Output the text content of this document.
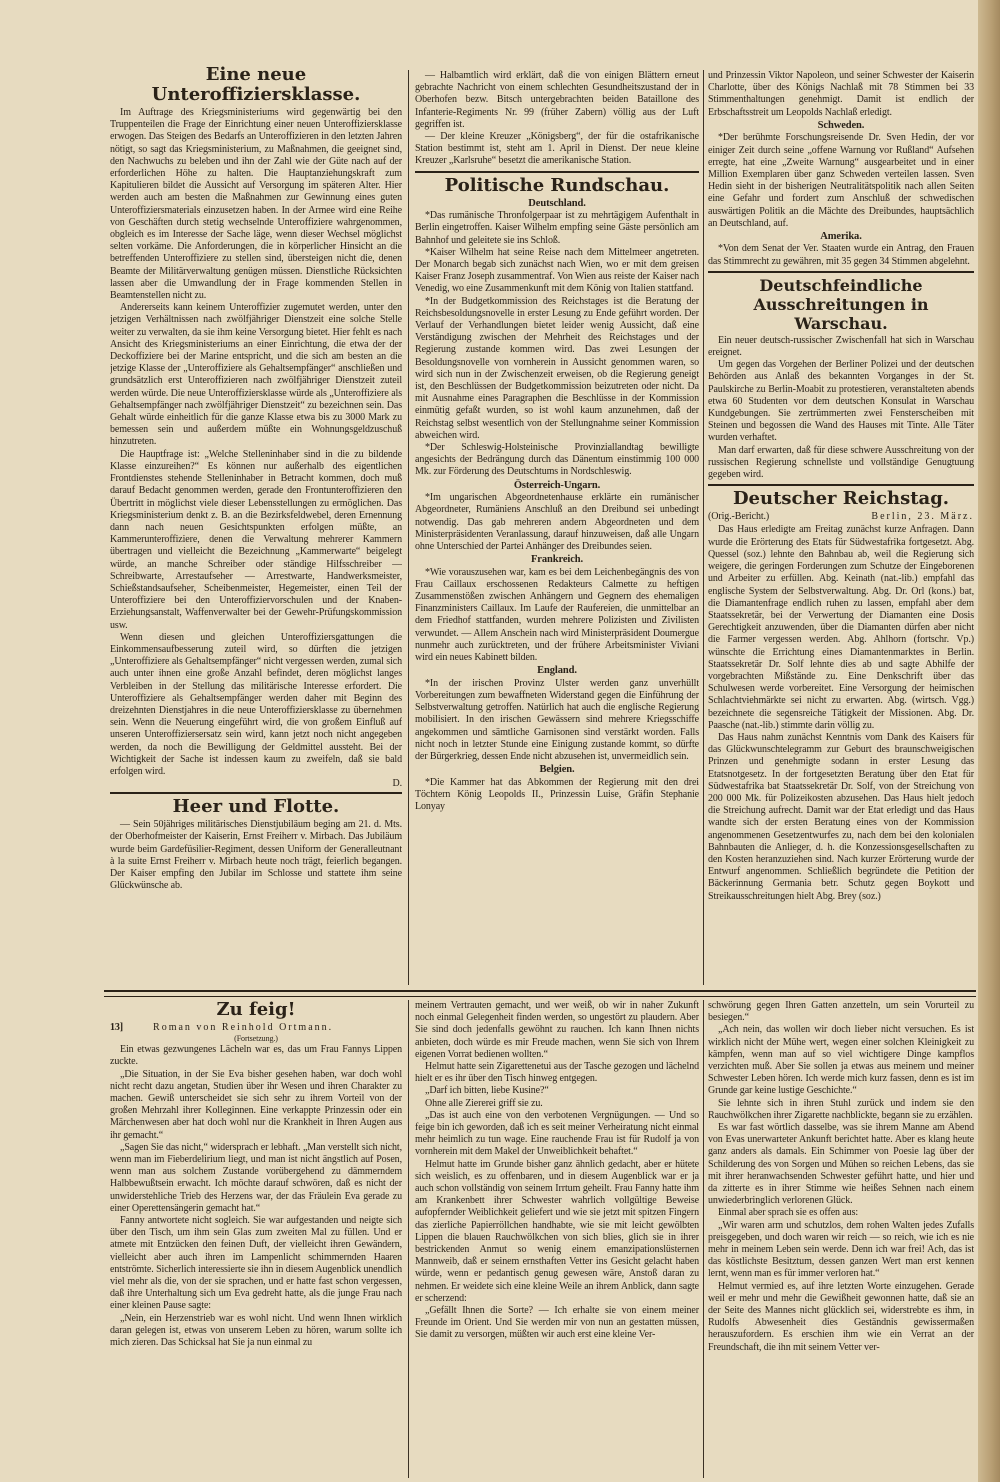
Eine neue Unteroffiziersklasse.

Im Auftrage des Kriegsministeriums wird gegenwärtig bei den Truppenteilen die Frage der Einrichtung einer neuen Unteroffiziersklasse erwogen. Das Steigen des Bedarfs an Unteroffizieren in den letzten Jahren nötigt, so sagt das Kriegsministerium, zu Maßnahmen, die geeignet sind, den Nachwuchs zu beleben und ihn der Zahl wie der Güte nach auf der erforderlichen Höhe zu halten. Die Hauptanziehungskraft zum Kapitulieren bildet die Aussicht auf Versorgung im späteren Alter. Hier werden auch am besten die Maßnahmen zur Gewinnung eines guten Unteroffiziersmaterials einzusetzen haben. In der Armee wird eine Reihe von Geschäften durch stetig wechselnde Unteroffiziere wahrgenommen, obgleich es im Interesse der Sache läge, wenn dieser Wechsel möglichst selten vorkäme. Die Anforderungen, die in körperlicher Hinsicht an die betreffenden Unteroffiziere zu stellen sind, übersteigen nicht die, denen Beamte der Militärverwaltung genügen müssen. Dienstliche Rücksichten lassen aber die Umwandlung der in Frage kommenden Stellen in Beamtenstellen nicht zu.

Andererseits kann keinem Unteroffizier zugemutet werden, unter den jetzigen Verhältnissen nach zwölfjähriger Dienstzeit eine solche Stelle weiter zu verwalten, da sie ihm keine Versorgung bietet. Hier fehlt es nach Ansicht des Kriegsministeriums an einer Einrichtung, die etwa der der Deckoffiziere bei der Marine entspricht, und die sich am besten an die jetzige Klasse der „Unteroffiziere als Gehaltsempfänger“ anschließen und grundsätzlich erst Unteroffizieren nach zwölfjähriger Dienstzeit zuteil werden würde. Die neue Unteroffiziersklasse würde als „Unteroffiziere als Gehaltsempfänger nach zwölfjähriger Dienstzeit“ zu bezeichnen sein. Das Gehalt würde einheitlich für die ganze Klasse etwa bis zu 3000 Mark zu bemessen sein und außerdem müßte ein Wohnungsgeldzuschuß hinzutreten.

Die Hauptfrage ist: „Welche Stelleninhaber sind in die zu bildende Klasse einzureihen?“ Es können nur außerhalb des eigentlichen Frontdienstes stehende Stelleninhaber in Betracht kommen, doch muß darauf Bedacht genommen werden, gerade den Frontunteroffizieren den Übertritt in möglichst viele dieser Lebensstellungen zu ermöglichen. Das Kriegsministerium denkt z. B. an die Bezirksfeldwebel, deren Ernennung dann nach neuen Gesichtspunkten erfolgen müßte, an Kammerunteroffiziere, denen die Verwaltung mehrerer Kammern übertragen und vielleicht die Bezeichnung „Kammerwarte“ beigelegt würde, an manche Schreiber oder ständige Hilfsschreiber — Schreibwarte, Arrestaufseher — Arrestwarte, Handwerksmeister, Schießstandsaufseher, Scheibenmeister, Hegemeister, einen Teil der Unteroffiziere bei den Unteroffiziervorschulen und der Knaben-Erziehungsanstalt, Waffenverwalter bei der Gewehr-Prüfungskommission usw.

Wenn diesen und gleichen Unteroffiziersgattungen die Einkommensaufbesserung zuteil wird, so dürften die jetzigen „Unteroffiziere als Gehaltsempfänger“ nicht vergessen werden, zumal sich auch unter ihnen eine große Anzahl befindet, deren möglichst langes Verbleiben in der Stellung das militärische Interesse erfordert. Die Unteroffiziere als Gehaltsempfänger werden daher mit Beginn des dreizehnten Dienstjahres in die neue Unteroffiziersklasse zu übernehmen sein. Wenn die Neuerung eingeführt wird, die von großem Einfluß auf unseren Unteroffiziersersatz sein wird, kann jetzt noch nicht angegeben werden, da noch die Bewilligung der Geldmittel aussteht. Bei der Wichtigkeit der Sache ist indessen kaum zu zweifeln, daß sie bald erfolgen wird.

D.
Heer und Flotte.

— Sein 50jähriges militärisches Dienstjubiläum beging am 21. d. Mts. der Oberhofmeister der Kaiserin, Ernst Freiherr v. Mirbach. Das Jubiläum wurde beim Gardefüsilier-Regiment, dessen Uniform der Generalleutnant à la suite Ernst Freiherr v. Mirbach heute noch trägt, feierlich begangen. Der Kaiser empfing den Jubilar im Schlosse und stattete ihm seine Glückwünsche ab.

— Halbamtlich wird erklärt, daß die von einigen Blättern erneut gebrachte Nachricht von einem schlechten Gesundheitszustand der in Oberhofen bezw. Bitsch untergebrachten beiden Bataillone des Infanterie-Regiments Nr. 99 (früher Zabern) völlig aus der Luft gegriffen ist.

— Der kleine Kreuzer „Königsberg“, der für die ostafrikanische Station bestimmt ist, steht am 1. April in Dienst. Der neue kleine Kreuzer „Karlsruhe“ besetzt die amerikanische Station.

Politische Rundschau.
Deutschland.

*Das rumänische Thronfolgerpaar ist zu mehrtägigem Aufenthalt in Berlin eingetroffen. Kaiser Wilhelm empfing seine Gäste persönlich am Bahnhof und geleitete sie ins Schloß.

*Kaiser Wilhelm hat seine Reise nach dem Mittelmeer angetreten. Der Monarch begab sich zunächst nach Wien, wo er mit dem greisen Kaiser Franz Joseph zusammentraf. Von Wien aus reiste der Kaiser nach Venedig, wo eine Zusammenkunft mit dem König von Italien stattfand.

*In der Budgetkommission des Reichstages ist die Beratung der Reichsbesoldungsnovelle in erster Lesung zu Ende geführt worden. Der Verlauf der Verhandlungen bietet leider wenig Aussicht, daß eine Verständigung zwischen der Mehrheit des Reichstages und der Regierung zustande kommen wird. Das zwei Lesungen der Besoldungsnovelle von vornherein in Aussicht genommen waren, so wird sich nun in der Zwischenzeit erweisen, ob die Regierung geneigt ist, den Beschlüssen der Budgetkommission beizutreten oder nicht. Da mit Ausnahme eines Paragraphen die Beschlüsse in der Kommission einmütig gefaßt wurden, so ist wohl kaum anzunehmen, daß der Reichstag selbst wesentlich von der Stellungnahme seiner Kommission abweichen wird.

*Der Schleswig-Holsteinische Provinziallandtag bewilligte angesichts der Bedrängung durch das Dänentum einstimmig 100 000 Mk. zur Förderung des Deutschtums in Nordschleswig.

Österreich-Ungarn.

*Im ungarischen Abgeordnetenhause erklärte ein rumänischer Abgeordneter, Rumäniens Anschluß an den Dreibund sei unbedingt notwendig. Das gab mehreren andern Abgeordneten und dem Ministerpräsidenten Veranlassung, darauf hinzuweisen, daß alle Ungarn ohne Unterschied der Partei Anhänger des Dreibundes seien.

Frankreich.

*Wie vorauszusehen war, kam es bei dem Leichenbegängnis des von Frau Caillaux erschossenen Redakteurs Calmette zu heftigen Zusammenstößen zwischen Anhängern und Gegnern des ehemaligen Finanzministers Caillaux. Im Laufe der Raufereien, die unmittelbar an dem Friedhof stattfanden, wurden mehrere Polizisten und Zivilisten verwundet. — Allem Anschein nach wird Ministerpräsident Doumergue nunmehr auch zurücktreten, und der frühere Arbeitsminister Viviani wird ein neues Kabinett bilden.

England.

*In der irischen Provinz Ulster werden ganz unverhüllt Vorbereitungen zum bewaffneten Widerstand gegen die Einführung der Selbstverwaltung getroffen. Natürlich hat auch die englische Regierung mobilisiert. In den irischen Gewässern sind mehrere Kriegsschiffe angekommen und sämtliche Garnisonen sind verstärkt worden. Falls nicht noch in letzter Stunde eine Einigung zustande kommt, so dürfte der Bürgerkrieg, dessen Ende nicht abzusehen ist, unvermeidlich sein.

Belgien.

*Die Kammer hat das Abkommen der Regierung mit den drei Töchtern König Leopolds II., Prinzessin Luise, Gräfin Stephanie Lonyay

und Prinzessin Viktor Napoleon, und seiner Schwester der Kaiserin Charlotte, über des Königs Nachlaß mit 78 Stimmen bei 33 Stimmenthaltungen genehmigt. Damit ist endlich der Erbschaftsstreit um Leopolds Nachlaß erledigt.

Schweden.

*Der berühmte Forschungsreisende Dr. Sven Hedin, der vor einiger Zeit durch seine „offene Warnung vor Rußland“ Aufsehen erregte, hat eine „Zweite Warnung“ ausgearbeitet und in einer Million Exemplaren über ganz Schweden verteilen lassen. Sven Hedin sieht in der bisherigen Neutralitätspolitik nach allen Seiten eine Gefahr und fordert zum Anschluß der schwedischen auswärtigen Politik an die Mächte des Dreibundes, hauptsächlich an Deutschland, auf.

Amerika.

*Von dem Senat der Ver. Staaten wurde ein Antrag, den Frauen das Stimmrecht zu gewähren, mit 35 gegen 34 Stimmen abgelehnt.

Deutschfeindliche Ausschreitungen in Warschau.

Ein neuer deutsch-russischer Zwischenfall hat sich in Warschau ereignet.

Um gegen das Vorgehen der Berliner Polizei und der deutschen Behörden aus Anlaß des bekannten Vorganges in der St. Paulskirche zu Berlin-Moabit zu protestieren, veranstalteten abends etwa 60 Studenten vor dem deutschen Konsulat in Warschau Kundgebungen. Sie zertrümmerten zwei Fensterscheiben mit Steinen und begossen die Wand des Hauses mit Tinte. Alle Täter wurden verhaftet.

Man darf erwarten, daß für diese schwere Ausschreitung von der russischen Regierung schnellste und vollständige Genugtuung gegeben wird.

Deutscher Reichstag.
(Orig.-Bericht.)	Berlin, 23. März.

Das Haus erledigte am Freitag zunächst kurze Anfragen. Dann wurde die Erörterung des Etats für Südwestafrika fortgesetzt. Abg. Quessel (soz.) lehnte den Bahnbau ab, weil die Regierung sich weigere, die geringen Forderungen zum Schutze der Eingeborenen und Arbeiter zu erfüllen. Abg. Keinath (nat.-lib.) empfahl das englische System der Selbstverwaltung. Abg. Dr. Orl (kons.) bat, die Diamantenfrage endlich ruhen zu lassen, empfahl aber dem Staatssekretär, bei der Verwertung der Diamanten eine Dosis Gerechtigkeit anzuwenden, über die Diamanten dürfen aber nicht die Farmer vergessen werden. Abg. Ahlhorn (fortschr. Vp.) wünschte die Errichtung eines Diamantenmarktes in Berlin. Staatssekretär Dr. Solf lehnte dies ab und sagte Abhilfe der vorgebrachten Mißstände zu. Eine Denkschrift über das Schulwesen werde vorbereitet. Eine Versorgung der heimischen Schlachtviehmärkte sei nicht zu erwarten. Abg. (wirtsch. Vgg.) bezeichnete die segensreiche Tätigkeit der Missionen. Abg. Dr. Paasche (nat.-lib.) stimmte darin völlig zu.

Das Haus nahm zunächst Kenntnis vom Dank des Kaisers für das Glückwunschtelegramm zur Geburt des braunschweigischen Prinzen und genehmigte sodann in erster Lesung das Etatsnotgesetz. In der fortgesetzten Beratung über den Etat für Südwestafrika bat Staatssekretär Dr. Solf, von der Streichung von 200 000 Mk. für Polizeikosten abzusehen. Das Haus hielt jedoch die Streichung aufrecht. Damit war der Etat erledigt und das Haus wandte sich der ersten Beratung eines von der Kommission angenommenen Gesetzentwurfes zu, nach dem bei den kolonialen Bahnbauten die Anlieger, d. h. die Konzessionsgesellschaften zu den Kosten heranzuziehen sind. Nach kurzer Erörterung wurde der Entwurf angenommen. Schließlich begründete die Petition der Bäckerinnung Germania betr. Schutz gegen Boykott und Streikausschreitungen hielt Abg. Brey (soz.)

Zu feig!
13]	Roman von Reinhold Ortmann.
(Fortsetzung.)

Ein etwas gezwungenes Lächeln war es, das um Frau Fannys Lippen zuckte.

„Die Situation, in der Sie Eva bisher gesehen haben, war doch wohl nicht recht dazu angetan, Studien über ihr Wesen und ihren Charakter zu machen. Gewiß unterscheidet sie sich sehr zu ihrem Vorteil von der großen Mehrzahl ihrer Kolleginnen. Eine verkappte Prinzessin oder ein Märchenwesen aber hat doch wohl nur die Krankheit in Ihren Augen aus ihr gemacht.“

„Sagen Sie das nicht,“ widersprach er lebhaft. „Man verstellt sich nicht, wenn man im Fieberdelirium liegt, und man ist nicht ängstlich auf Posen, wenn man aus solchem Zustande vorübergehend zu dämmerndem Halbbewußtsein erwacht. Ich möchte darauf schwören, daß es nicht der unwiderstehliche Trieb des Herzens war, der das Fräulein Eva gerade zu einer Operettensängerin gemacht hat.“

Fanny antwortete nicht sogleich. Sie war aufgestanden und neigte sich über den Tisch, um ihm sein Glas zum zweiten Mal zu füllen. Und er atmete mit Entzücken den feinen Duft, der vielleicht ihren Gewändern, vielleicht aber auch ihren im Lampenlicht schimmernden Haaren entströmte. Sicherlich interessierte sie ihn in diesem Augenblick unendlich viel mehr als die, von der sie sprachen, und er hatte fast schon vergessen, daß ihre Unterhaltung sich um Eva gedreht hatte, als die junge Frau nach einer kleinen Pause sagte:

„Nein, ein Herzenstrieb war es wohl nicht. Und wenn Ihnen wirklich daran gelegen ist, etwas von unserem Leben zu hören, warum sollte ich mich zieren. Das Schicksal hat Sie ja nun einmal zu

meinem Vertrauten gemacht, und wer weiß, ob wir in naher Zukunft noch einmal Gelegenheit finden werden, so ungestört zu plaudern. Aber Sie sind doch jedenfalls gewöhnt zu rauchen. Ich kann Ihnen nichts anbieten, doch würde es mir Freude machen, wenn Sie sich von Ihrem eigenen Vorrat bedienen wollten.“

Helmut hatte sein Zigarettenetui aus der Tasche gezogen und lächelnd hielt er es ihr über den Tisch hinweg entgegen.

„Darf ich bitten, liebe Kusine?“

Ohne alle Ziererei griff sie zu.

„Das ist auch eine von den verbotenen Vergnügungen. — Und so feige bin ich geworden, daß ich es seit meiner Verheiratung nicht einmal mehr heimlich zu tun wage. Eine rauchende Frau ist für Rudolf ja von vornherein mit dem Makel der Unweiblichkeit behaftet.“

Helmut hatte im Grunde bisher ganz ähnlich gedacht, aber er hütete sich weislich, es zu offenbaren, und in diesem Augenblick war er ja auch schon vollständig von seinem Irrtum geheilt. Frau Fanny hatte ihm am Krankenbett ihrer Schwester wahrlich vollgültige Beweise aufopfernder Weiblichkeit geliefert und wie sie jetzt mit spitzen Fingern das zierliche Papierröllchen handhabte, wie sie mit leicht gewölbten Lippen die blauen Rauchwölkchen von sich blies, glich sie in ihrer bestrickenden Anmut so wenig einem emanzipationslüsternen Mannweib, daß er seinem ernsthaften Vetter ins Gesicht gelacht haben würde, wenn er pedantisch genug gewesen wäre, Anstoß daran zu nehmen. Er weidete sich eine kleine Weile an ihrem Anblick, dann sagte er scherzend:

„Gefällt Ihnen die Sorte? — Ich erhalte sie von einem meiner Freunde im Orient. Und Sie werden mir von nun an gestatten müssen, Sie damit zu versorgen, müßten wir auch erst eine kleine Ver-

schwörung gegen Ihren Gatten anzetteln, um sein Vorurteil zu besiegen.“

„Ach nein, das wollen wir doch lieber nicht versuchen. Es ist wirklich nicht der Mühe wert, wegen einer solchen Kleinigkeit zu kämpfen, wenn man auf so viel wichtigere Dinge kampflos verzichten muß. Aber Sie sollen ja etwas aus meinem und meiner Schwester Leben hören. Ich werde mich kurz fassen, denn es ist im Grunde gar keine lustige Geschichte.“

Sie lehnte sich in ihren Stuhl zurück und indem sie den Rauchwölkchen ihrer Zigarette nachblickte, begann sie zu erzählen.

Es war fast wörtlich dasselbe, was sie ihrem Manne am Abend von Evas unerwarteter Ankunft berichtet hatte. Aber es klang heute ganz anders als damals. Ein Schimmer von Poesie lag über der Schilderung des von Sorgen und Mühen so reichen Lebens, das sie mit ihrer heranwachsenden Schwester geführt hatte, und hier und da zitterte es in ihrer Stimme wie heißes Sehnen nach einem unwiederbringlich verlorenen Glück.

Einmal aber sprach sie es offen aus:

„Wir waren arm und schutzlos, dem rohen Walten jedes Zufalls preisgegeben, und doch waren wir reich — so reich, wie ich es nie mehr in meinem Leben sein werde. Denn ich war frei! Ach, das ist das köstlichste Besitztum, dessen ganzen Wert man erst kennen lernt, wenn man es für immer verloren hat.“

Helmut vermied es, auf ihre letzten Worte einzugehen. Gerade weil er mehr und mehr die Gewißheit gewonnen hatte, daß sie an der Seite des Mannes nicht glücklich sei, widerstrebte es ihm, in Rudolfs Abwesenheit dies Geständnis gewissermaßen herauszufordern. Es erschien ihm wie ein Verrat an der Freundschaft, die ihn mit seinem Vetter ver-
